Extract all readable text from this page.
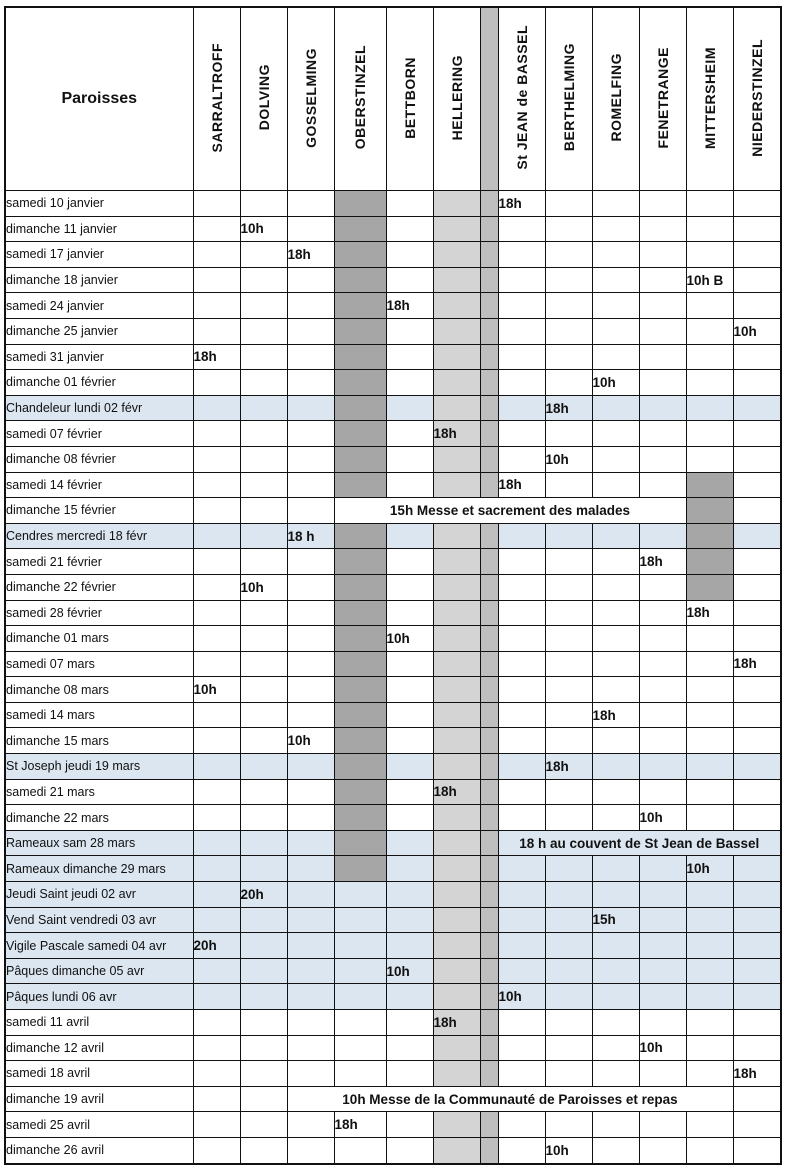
Paroisses	SARRALTROFF	DOLVING	GOSSELMING	OBERSTINZEL	BETTBORN	HELLERING		St JEAN de BASSEL	BERTHELMING	ROMELFING	FENETRANGE	MITTERSHEIM	NIEDERSTINZEL
samedi 10 janvier								18h					
dimanche 11 janvier		10h											
samedi 17 janvier			18h										
dimanche 18 janvier												10h B	
samedi 24 janvier					18h								
dimanche 25 janvier													10h
samedi 31 janvier	18h												
dimanche 01 février										10h			
Chandeleur lundi 02 févr									18h				
samedi 07 février						18h							
dimanche 08 février									10h				
samedi 14 février								18h					
dimanche 15 février				15h Messe et sacrement des malades									
Cendres mercredi 18 févr			18 h										
samedi 21 février											18h		
dimanche 22 février		10h											
samedi 28 février												18h	
dimanche 01 mars					10h								
samedi 07 mars													18h
dimanche 08 mars	10h												
samedi 14 mars										18h			
dimanche 15 mars			10h										
St Joseph jeudi 19 mars									18h				
samedi 21 mars						18h							
dimanche 22 mars											10h		
Rameaux sam 28 mars								18 h au couvent de St Jean de Bassel					
Rameaux dimanche 29 mars												10h	
Jeudi Saint jeudi 02 avr		20h											
Vend Saint vendredi 03 avr										15h			
Vigile Pascale samedi 04 avr	20h												
Pâques dimanche 05 avr					10h								
Pâques lundi 06 avr								10h					
samedi 11 avril						18h							
dimanche 12 avril											10h		
samedi 18 avril													18h
dimanche 19 avril			10h Messe de la Communauté de Paroisses et repas										
samedi 25 avril				18h									
dimanche 26 avril									10h				
